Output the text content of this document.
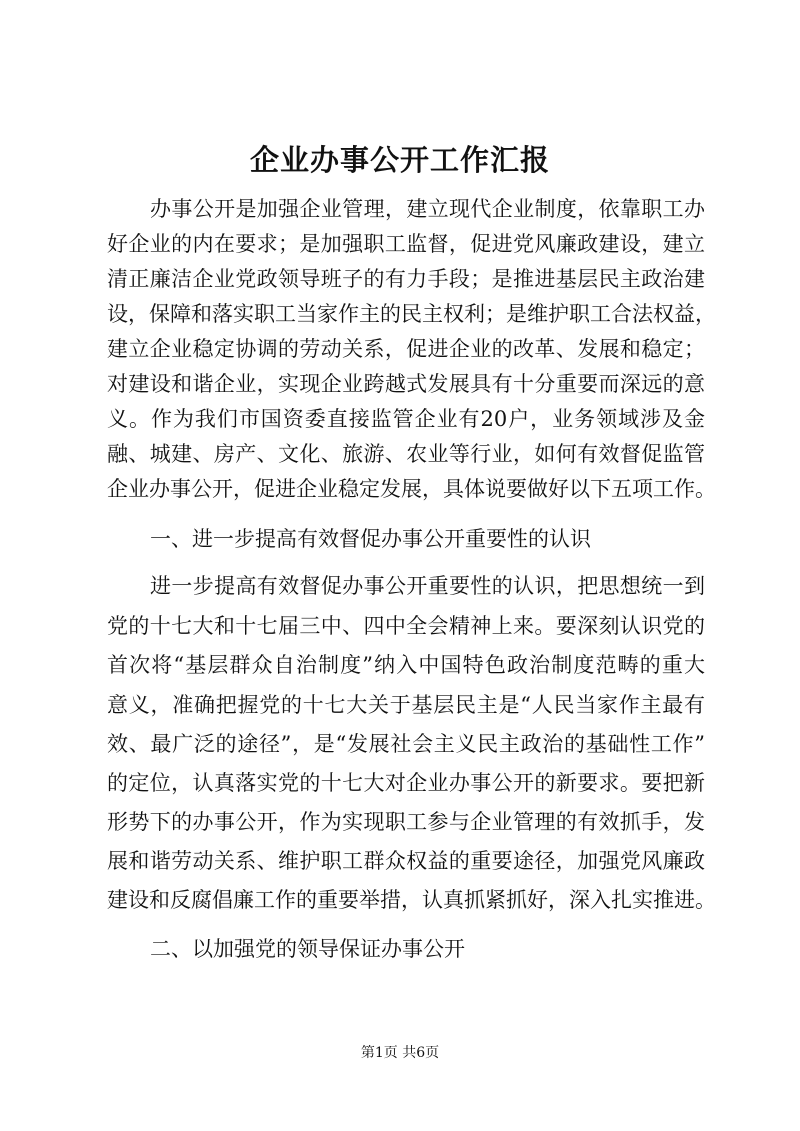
企业办事公开工作汇报
办事公开是加强企业管理，建立现代企业制度，依靠职工办
好企业的内在要求；是加强职工监督，促进党风廉政建设，建立
清正廉洁企业党政领导班子的有力手段；是推进基层民主政治建
设，保障和落实职工当家作主的民主权利；是维护职工合法权益，
建立企业稳定协调的劳动关系，促进企业的改革、发展和稳定；
对建设和谐企业，实现企业跨越式发展具有十分重要而深远的意
义。作为我们市国资委直接监管企业有20户，业务领域涉及金
融、城建、房产、文化、旅游、农业等行业，如何有效督促监管
企业办事公开，促进企业稳定发展，具体说要做好以下五项工作。
一、进一步提高有效督促办事公开重要性的认识
进一步提高有效督促办事公开重要性的认识，把思想统一到
党的十七大和十七届三中、四中全会精神上来。要深刻认识党的
首次将“基层群众自治制度”纳入中国特色政治制度范畴的重大
意义，准确把握党的十七大关于基层民主是“人民当家作主最有
效、最广泛的途径”，是“发展社会主义民主政治的基础性工作”
的定位，认真落实党的十七大对企业办事公开的新要求。要把新
形势下的办事公开，作为实现职工参与企业管理的有效抓手，发
展和谐劳动关系、维护职工群众权益的重要途径，加强党风廉政
建设和反腐倡廉工作的重要举措，认真抓紧抓好，深入扎实推进。
二、以加强党的领导保证办事公开
第1页 共6页
